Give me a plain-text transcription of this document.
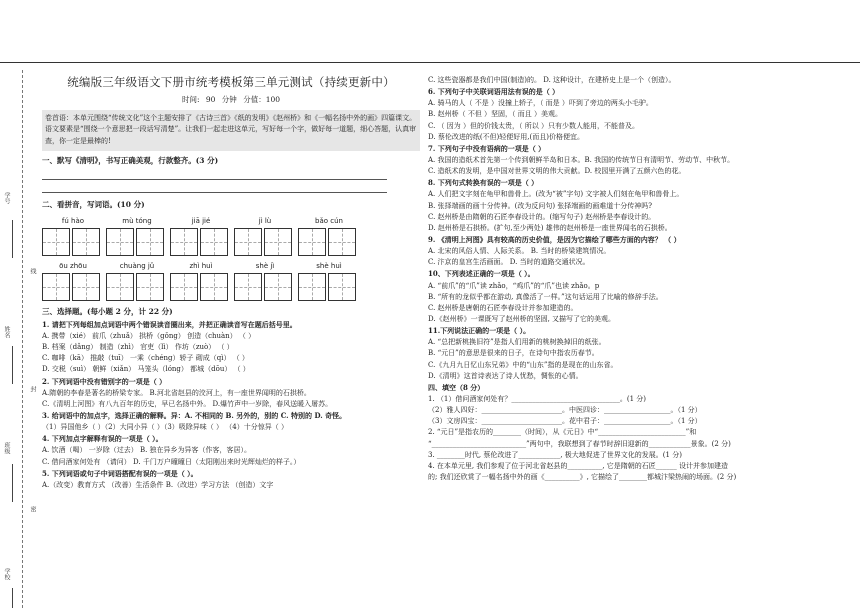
学号
线
姓名
封
班级
密
学校
统编版三年级语文下册市统考模板第三单元测试（持续更新中）
时间: 90 分钟 分值：100
卷首语：本单元围绕“传统文化”这个主题安排了《古诗三首》《纸的发明》《赵州桥》和《一幅名扬中外的画》四篇课文。语文要素是“围绕一个意思把一段话写清楚”。让我们一起走进这单元，写好每一个字，做好每一道题，细心答题，认真审查，你一定是最棒的!
一、默写《清明》，书写正确美观，行款整齐。(3 分)
二、看拼音，写词语。(10 分)
fú hào	mù tóng	jiā jié	jì lù	bǎo cún
ōu zhōu	chuàng jǔ	zhì huì	shè jì	shè huì
三、选择题。(每小题 2 分，计 22 分)
1. 请把下列每组加点词语中两个错误读音圈出来，并把正确读音写在题后括号里。
A. 携带（xié） 前爪（zhuǎ） 拱桥（gǒng） 创造（chuàn） （ ）
B. 档案（dǎng） 制造（zhì） 官吏（lì） 作坊（zuò） （ ）
C. 咖啡（kā） 推敲（tuī） 一乘（chéng）轿子 砌成（qì） （ ）
D. 交税（suì） 朝鲜（xiǎn） 马笼头（lóng） 都城（dōu） （ ）
2. 下列词语中没有错别字的一项是（ ）
A.隋朝的李春是著名的桥梁专家。 B.河北省赵县的洨河上，有一座世界闻明的石拱桥。
C.《清明上河图》有八九百年的历史，早已名扬中外。 D.爆竹声中一岁除，春风送暖入屠苏。
3. 给词语中的加点字，选择正确的解释。异：A. 不相同的 B. 另外的，别的 C. 特别的 D. 奇怪。
（1）异国他乡（ ）（2）大同小异（ ）（3）吸除异味（ ） （4）十分惊异（ ）
4. 下列加点字解释有误的一项是（ ）。
A. 饮酒（喝） 一岁除（过去） B. 独在异乡为异客（作客，客居）。
C. 借问酒家何处有 （请问） D. 千门万户曈曈日（太阳刚出来时光辉灿烂的样子。）
5. 下列词语或句子中词语搭配有误的一项是（ ）。
A.（改变）教育方式 （改善）生活条件 B.（改进）学习方法 （创造）文字
C. 这些瓷器都是我们中国(制造)的。 D. 这种设计，在建桥史上是一个（创造）。
6. 下列句子中关联词语用法有误的是（ ）
A. 骑马的人（ 不是 ）没撞上轿子，（ 而是 ）吓到了旁边的两头小毛驴。
B. 赵州桥（ 不但 ）坚固，（ 而且 ）美观。
C. （ 因为 ）但的价钱太贵，（ 所以 ）只有少数人能用，不能普及。
D. 蔡伦改进的纸(不但)轻便好用,(而且)价格便宜。
7. 下列句子中没有语病的一项是（ ）
A. 我国的造纸术首先第一个传到朝鲜半岛和日本。B. 我国的传统节日有清明节、劳动节、中秋节。
C. 造纸术的发明，是中国对世界文明的伟大贡献。D. 校园里开满了五颜六色的花。
8. 下列句式转换有误的一项是（ ）
A. 人们把文字刻在龟甲和兽骨上。(改为“被”字句) 文字被人们刻在龟甲和兽骨上。
B. 张择端画的画十分传神。(改为反问句) 张择端画的画难道十分传神吗?
C. 赵州桥是由隋朝的石匠李春设计的。(缩写句子) 赵州桥是李春设计的。
D. 赵州桥是石拱桥。(扩句,至少两处) 雄伟的赵州桥是一座世界闻名的石拱桥。
9. 《清明上河图》具有较高的历史价值，是因为它描绘了哪些方面的内容？ （ ）
A. 北宋的风俗人情、人际关系。 B. 当时的桥梁建筑情况。
C. 汴京的皇宫生活画面。 D. 当时的道路交通状况。
10、下列表述正确的一项是（ ）。
A. “前爪”的“爪”读 zhǎo，“鸡爪”的“爪”也读 zhǎo。p
B. “所有的龙似乎都在游动, 真像活了一样。”这句话运用了比喻的修辞手法。
C. 赵州桥是唐朝的石匠李春设计并参加建造的。
D.《赵州桥》一课既写了赵州桥的坚固, 又描写了它的美观。
11.下列说法正确的一项是（ ）。
A. “总把新桃换旧符”是指人们用新的桃树换掉旧的纸张。
B. “元日”的意思是很来的日子，在诗句中指农历春节。
C.《九月九日忆山东兄弟》中的“山东”指的是现在的山东省。
D.《清明》这首诗表达了诗人忧愁，惆怅的心情。
四、填空（8 分）
1. （1）借问酒家何处有？_______________________________。(1 分)
（2）雅人四好：_______________________。中医四诊：___________________。（1 分）
（3）文房四宝：_______________________。花中君子：___________________。（1 分）
2. “元日”是指农历的________（时间），从《元日》中“_________________________”和
“___________________________”两句中，我联想到了春节时辞旧迎新的____________景象。(2 分)
3. ________时代, 蔡伦改进了____________, 极大地促进了世界文化的发展。(1 分)
4. 在本单元里, 我们参观了位于河北省赵县的__________, 它是隋朝的石匠______ 设计并参加建造
的; 我们还欣赏了一幅名扬中外的画《__________》, 它描绘了________都城汴梁热闹的场面。(2 分)
